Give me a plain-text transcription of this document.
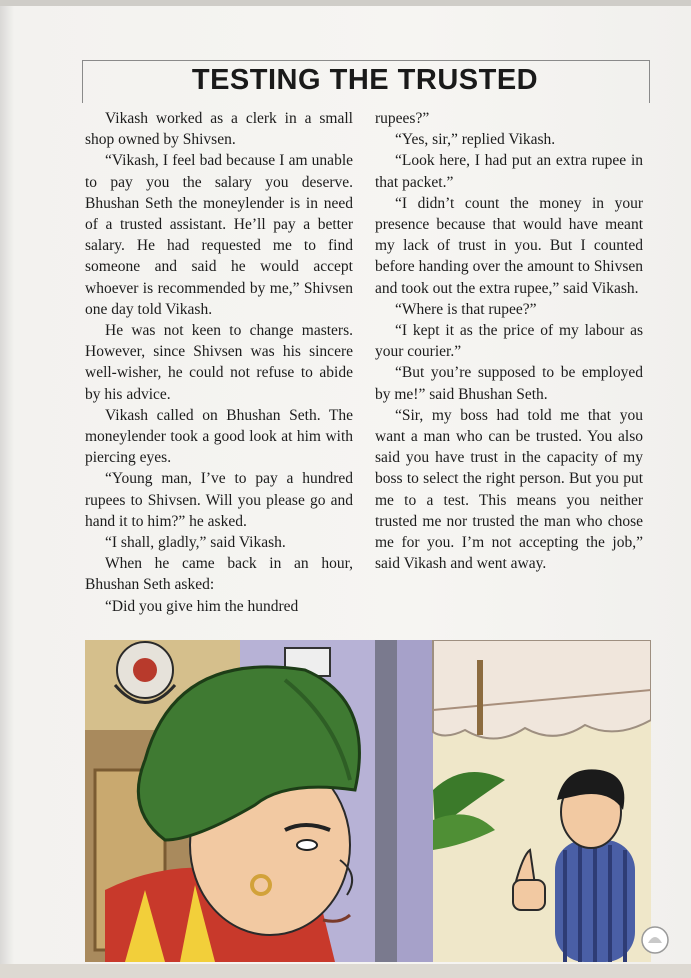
TESTING THE TRUSTED

Vikash worked as a clerk in a small shop owned by Shivsen.

“Vikash, I feel bad because I am unable to pay you the salary you deserve. Bhushan Seth the moneylender is in need of a trusted assistant. He’ll pay a better salary. He had requested me to find someone and said he would accept whoever is recommended by me,” Shivsen one day told Vikash.

He was not keen to change masters. However, since Shivsen was his sincere well-wisher, he could not refuse to abide by his advice.

Vikash called on Bhushan Seth. The moneylender took a good look at him with piercing eyes.

“Young man, I’ve to pay a hundred rupees to Shivsen. Will you please go and hand it to him?” he asked.

“I shall, gladly,” said Vikash.

When he came back in an hour, Bhushan Seth asked:

“Did you give him the hundred

rupees?”

“Yes, sir,” replied Vikash.

“Look here, I had put an extra rupee in that packet.”

“I didn’t count the money in your presence because that would have meant my lack of trust in you. But I counted before handing over the amount to Shivsen and took out the extra rupee,” said Vikash.

“Where is that rupee?”

“I kept it as the price of my labour as your courier.”

“But you’re supposed to be employed by me!” said Bhushan Seth.

“Sir, my boss had told me that you want a man who can be trusted. You also said you have trust in the capacity of my boss to select the right person. But you put me to a test. This means you neither trusted me nor trusted the man who chose me for you. I’m not accepting the job,” said Vikash and went away.
